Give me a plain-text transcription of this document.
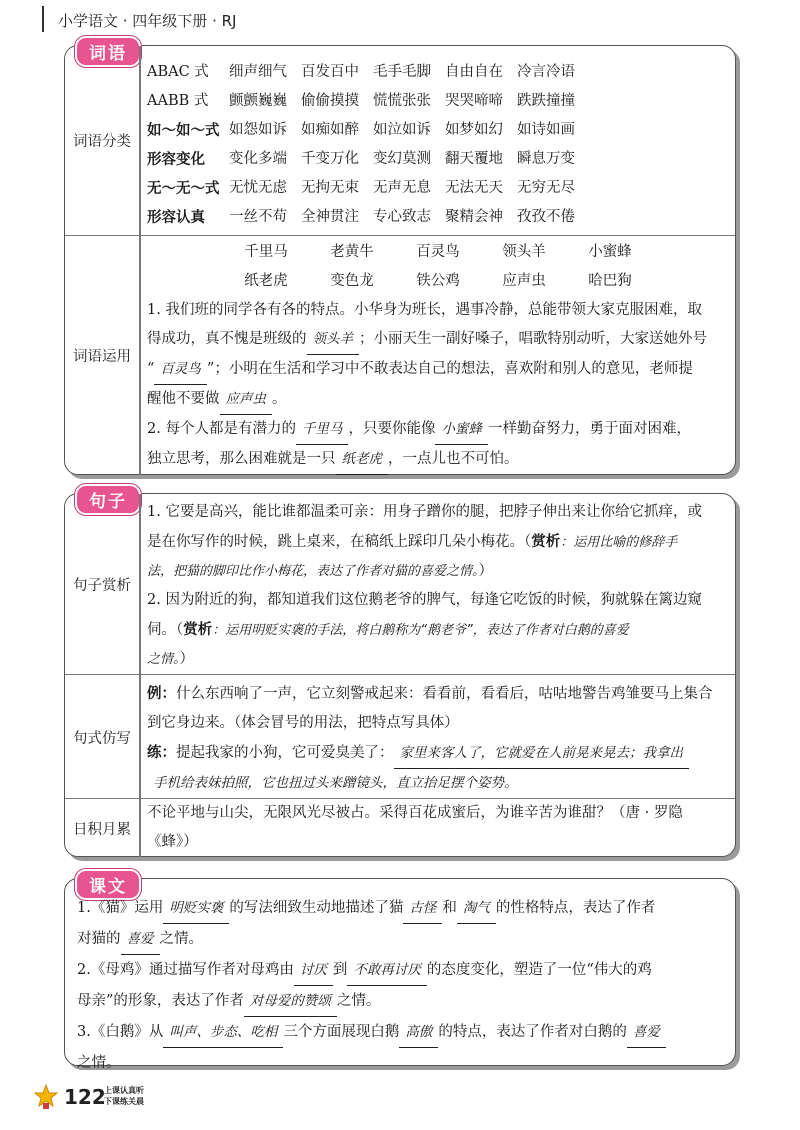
小学语文 · 四年级下册 · RJ
词语
词语分类
ABAC 式	细声细气 百发百中 毛手毛脚 自由自在 冷言冷语
AABB 式	颤颤巍巍 偷偷摸摸 慌慌张张 哭哭啼啼 跌跌撞撞
如～如～式 如怨如诉 如痴如醉 如泣如诉 如梦如幻 如诗如画
形容变化	变化多端 千变万化 变幻莫测 翻天覆地 瞬息万变
无～无～式 无忧无虑 无拘无束 无声无息 无法无天 无穷无尽
形容认真	一丝不苟 全神贯注 专心致志 聚精会神 孜孜不倦
词语运用
千里马	老黄牛	百灵鸟	领头羊	小蜜蜂
纸老虎	变色龙	铁公鸡	应声虫	哈巴狗
1. 我们班的同学各有各的特点。小华身为班长，遇事冷静，总能带领大家克服困难，取
得成功，真不愧是班级的 领头羊 ；小丽天生一副好嗓子，唱歌特别动听，大家送她外号
“ 百灵鸟 ”；小明在生活和学习中不敢表达自己的想法，喜欢附和别人的意见，老师提
醒他不要做 应声虫 。
2. 每个人都是有潜力的 千里马 ，只要你能像 小蜜蜂 一样勤奋努力，勇于面对困难，
独立思考，那么困难就是一只 纸老虎 ，一点儿也不可怕。
句子
句子赏析
1. 它要是高兴，能比谁都温柔可亲：用身子蹭你的腿，把脖子伸出来让你给它抓痒，或
是在你写作的时候，跳上桌来，在稿纸上踩印几朵小梅花。（赏析：运用比喻的修辞手
法，把猫的脚印比作小梅花，表达了作者对猫的喜爱之情。）
2. 因为附近的狗，都知道我们这位鹅老爷的脾气，每逢它吃饭的时候，狗就躲在篱边窥
伺。（赏析：运用明贬实褒的手法，将白鹅称为“鹅老爷”，表达了作者对白鹅的喜爱
之情。）
句式仿写
例：什么东西响了一声，它立刻警戒起来：看看前，看看后，咕咕地警告鸡雏要马上集合
到它身边来。（体会冒号的用法，把特点写具体）
练：提起我家的小狗，它可爱臭美了： 家里来客人了，它就爱在人前晃来晃去；我拿出
手机给表妹拍照，它也扭过头来蹭镜头，直立抬足摆个姿势。
日积月累
不论平地与山尖，无限风光尽被占。采得百花成蜜后，为谁辛苦为谁甜？（唐 · 罗隐
《蜂》）
课文
1.《猫》运用 明贬实褒 的写法细致生动地描述了猫 古怪 和 淘气 的性格特点，表达了作者
对猫的 喜爱 之情。
2.《母鸡》通过描写作者对母鸡由 讨厌 到 不敢再讨厌 的态度变化，塑造了一位“伟大的鸡
母亲”的形象，表达了作者 对母爱的赞颂 之情。
3.《白鹅》从 叫声、步态、吃相 三个方面展现白鹅 高傲 的特点，表达了作者对白鹅的 喜爱
之情。
122
上课认真听
下课练关晨
